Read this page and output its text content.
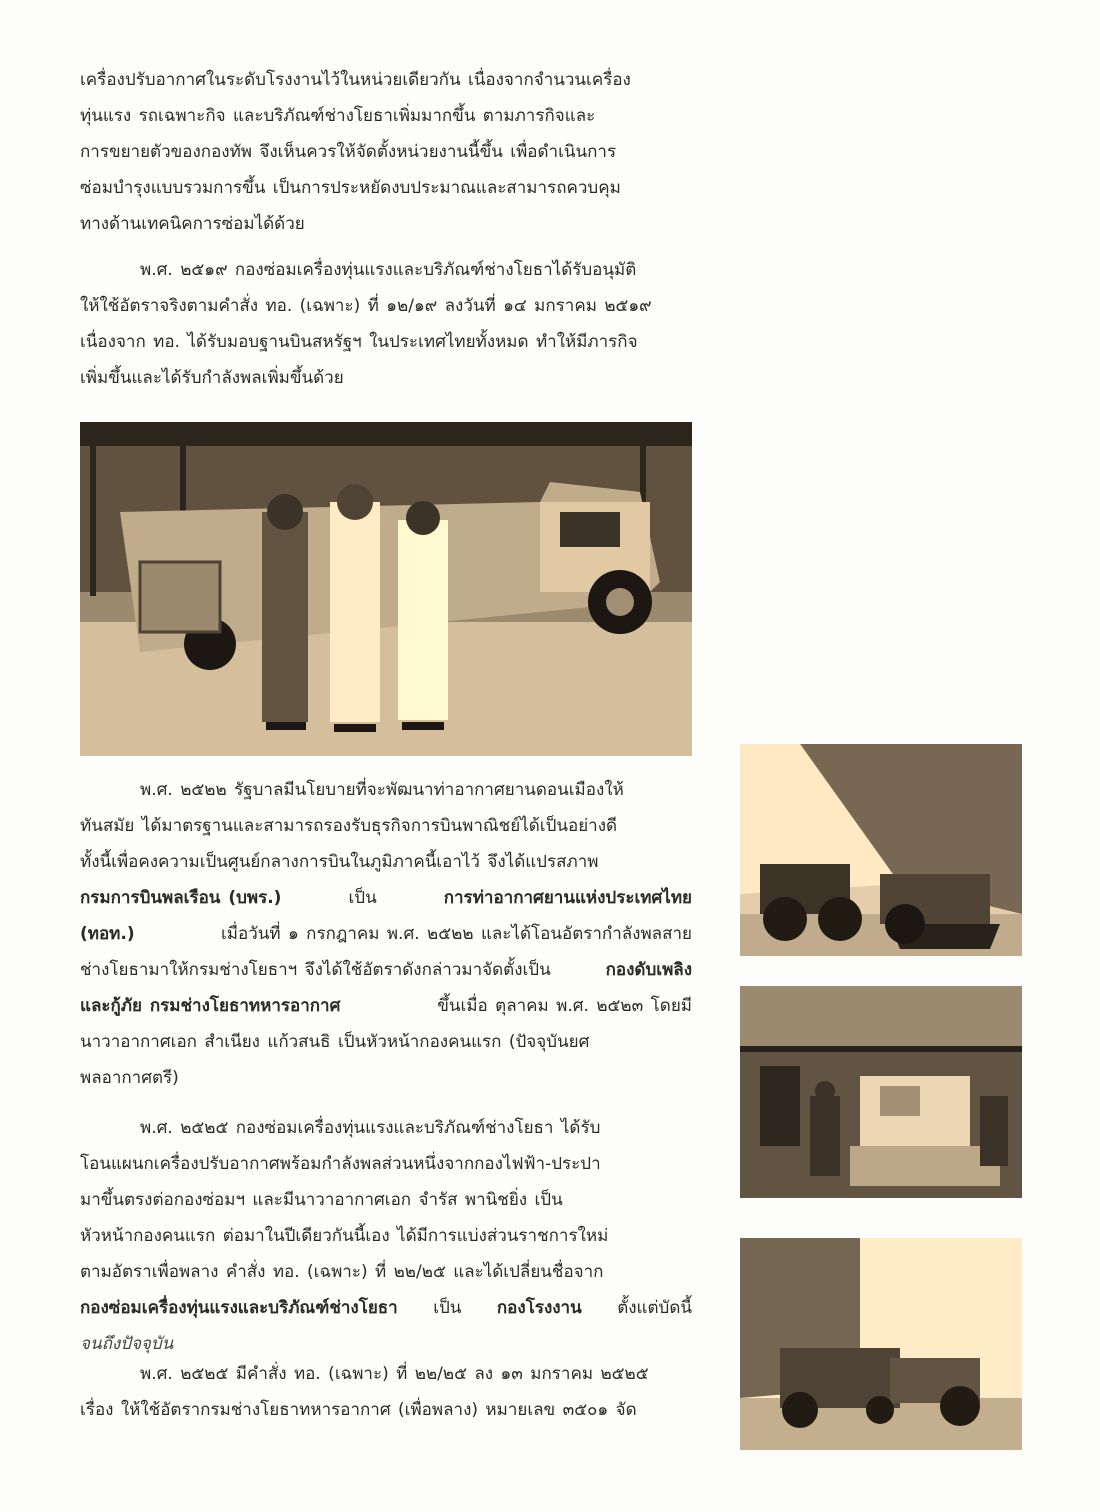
เครื่องปรับอากาศในระดับโรงงานไว้ในหน่วยเดียวกัน เนื่องจากจำนวนเครื่อง
ทุ่นแรง รถเฉพาะกิจ และบริภัณฑ์ช่างโยธาเพิ่มมากขึ้น ตามภารกิจและ
การขยายตัวของกองทัพ จึงเห็นควรให้จัดตั้งหน่วยงานนี้ขึ้น เพื่อดำเนินการ
ซ่อมบำรุงแบบรวมการขึ้น เป็นการประหยัดงบประมาณและสามารถควบคุม
ทางด้านเทคนิคการซ่อมได้ด้วย
พ.ศ. ๒๕๑๙ กองซ่อมเครื่องทุ่นแรงและบริภัณฑ์ช่างโยธาได้รับอนุมัติ
ให้ใช้อัตราจริงตามคำสั่ง ทอ. (เฉพาะ) ที่ ๑๒/๑๙ ลงวันที่ ๑๔ มกราคม ๒๕๑๙
เนื่องจาก ทอ. ได้รับมอบฐานบินสหรัฐฯ ในประเทศไทยทั้งหมด ทำให้มีภารกิจ
เพิ่มขึ้นและได้รับกำลังพลเพิ่มขึ้นด้วย
พ.ศ. ๒๕๒๒ รัฐบาลมีนโยบายที่จะพัฒนาท่าอากาศยานดอนเมืองให้
ทันสมัย ได้มาตรฐานและสามารถรองรับธุรกิจการบินพาณิชย์ได้เป็นอย่างดี
ทั้งนี้เพื่อคงความเป็นศูนย์กลางการบินในภูมิภาคนี้เอาไว้ จึงได้แปรสภาพ
กรมการบินพลเรือน (บพร.)	เป็น	การท่าอากาศยานแห่งประเทศไทย
(ทอท.)	เมื่อวันที่ ๑ กรกฎาคม พ.ศ. ๒๕๒๒ และได้โอนอัตรากำลังพลสาย
ช่างโยธามาให้กรมช่างโยธาฯ จึงได้ใช้อัตราดังกล่าวมาจัดตั้งเป็น	กองดับเพลิง
และกู้ภัย กรมช่างโยธาทหารอากาศ	ขึ้นเมื่อ ตุลาคม พ.ศ. ๒๕๒๓ โดยมี
นาวาอากาศเอก สำเนียง แก้วสนธิ เป็นหัวหน้ากองคนแรก (ปัจจุบันยศ
พลอากาศตรี)
พ.ศ. ๒๕๒๕ กองซ่อมเครื่องทุ่นแรงและบริภัณฑ์ช่างโยธา ได้รับ
โอนแผนกเครื่องปรับอากาศพร้อมกำลังพลส่วนหนึ่งจากกองไฟฟ้า-ประปา
มาขึ้นตรงต่อกองซ่อมฯ และมีนาวาอากาศเอก จำรัส พานิชยิ่ง เป็น
หัวหน้ากองคนแรก ต่อมาในปีเดียวกันนี้เอง ได้มีการแบ่งส่วนราชการใหม่
ตามอัตราเพื่อพลาง คำสั่ง ทอ. (เฉพาะ) ที่ ๒๒/๒๕ และได้เปลี่ยนชื่อจาก
กองซ่อมเครื่องทุ่นแรงและบริภัณฑ์ช่างโยธา เป็น กองโรงงาน ตั้งแต่บัดนี้
จนถึงปัจจุบัน
พ.ศ. ๒๕๒๕ มีคำสั่ง ทอ. (เฉพาะ) ที่ ๒๒/๒๕ ลง ๑๓ มกราคม ๒๕๒๕
เรื่อง ให้ใช้อัตรากรมช่างโยธาทหารอากาศ (เพื่อพลาง) หมายเลข ๓๕๐๑ จัด
